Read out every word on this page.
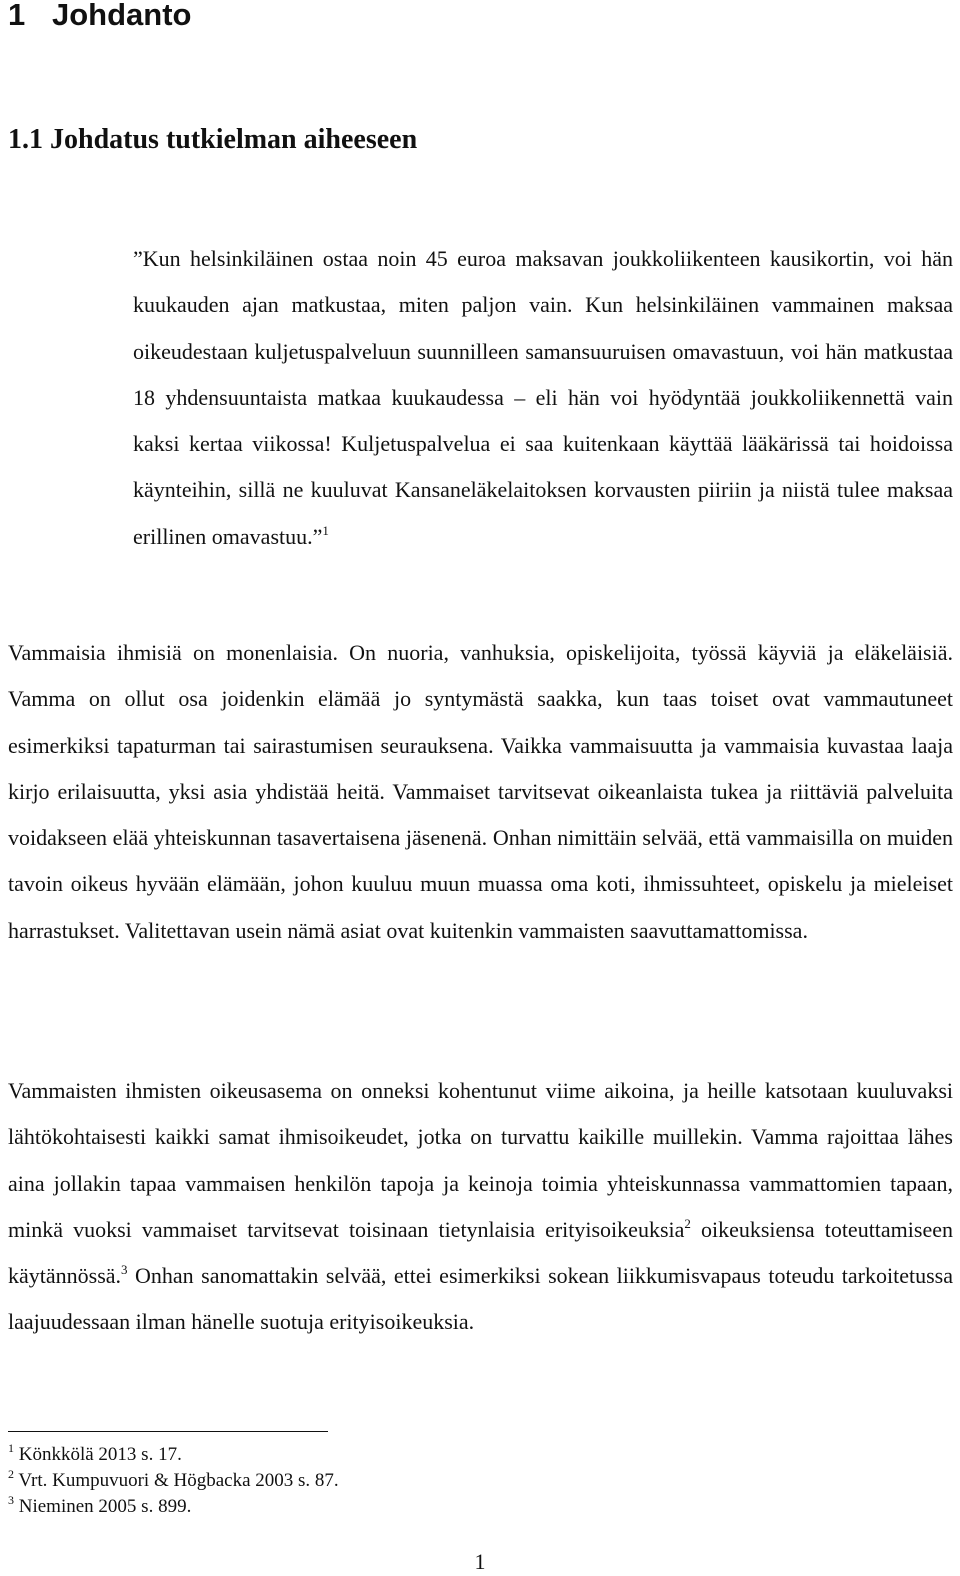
1 Johdanto
1.1 Johdatus tutkielman aiheeseen

”Kun helsinkiläinen ostaa noin 45 euroa maksavan joukkoliikenteen kausikortin, voi hän kuukauden ajan matkustaa, miten paljon vain. Kun helsinkiläinen vammainen maksaa oikeudestaan kuljetuspalveluun suunnilleen samansuuruisen omavastuun, voi hän matkustaa 18 yhdensuuntaista matkaa kuukaudessa – eli hän voi hyödyntää joukkoliikennettä vain kaksi kertaa viikossa! Kuljetuspalvelua ei saa kuitenkaan käyttää lääkärissä tai hoidoissa käynteihin, sillä ne kuuluvat Kansaneläkelaitoksen korvausten piiriin ja niistä tulee maksaa erillinen omavastuu.”$^1$

Vammaisia ihmisiä on monenlaisia. On nuoria, vanhuksia, opiskelijoita, työssä käyviä ja eläkeläisiä. Vamma on ollut osa joidenkin elämää jo syntymästä saakka, kun taas toiset ovat vammautuneet esimerkiksi tapaturman tai sairastumisen seurauksena. Vaikka vammaisuutta ja vammaisia kuvastaa laaja kirjo erilaisuutta, yksi asia yhdistää heitä. Vammaiset tarvitsevat oikeanlaista tukea ja riittäviä palveluita voidakseen elää yhteiskunnan tasavertaisena jäsenenä. Onhan nimittäin selvää, että vammaisilla on muiden tavoin oikeus hyvään elämään, johon kuuluu muun muassa oma koti, ihmissuhteet, opiskelu ja mieleiset harrastukset. Valitettavan usein nämä asiat ovat kuitenkin vammaisten saavuttamattomissa.

Vammaisten ihmisten oikeusasema on onneksi kohentunut viime aikoina, ja heille katsotaan kuuluvaksi lähtökohtaisesti kaikki samat ihmisoikeudet, jotka on turvattu kaikille muillekin. Vamma rajoittaa lähes aina jollakin tapaa vammaisen henkilön tapoja ja keinoja toimia yhteiskunnassa vammattomien tapaan, minkä vuoksi vammaiset tarvitsevat toisinaan tietynlaisia erityisoikeuksia$^2$ oikeuksiensa toteuttamiseen käytännössä.$^3$ Onhan sanomattakin selvää, ettei esimerkiksi sokean liikkumisvapaus toteudu tarkoitetussa laajuudessaan ilman hänelle suotuja erityisoikeuksia.

$^1$ Könkkölä 2013 s. 17.
$^2$ Vrt. Kumpuvuori & Högbacka 2003 s. 87.
$^3$ Nieminen 2005 s. 899.
1
